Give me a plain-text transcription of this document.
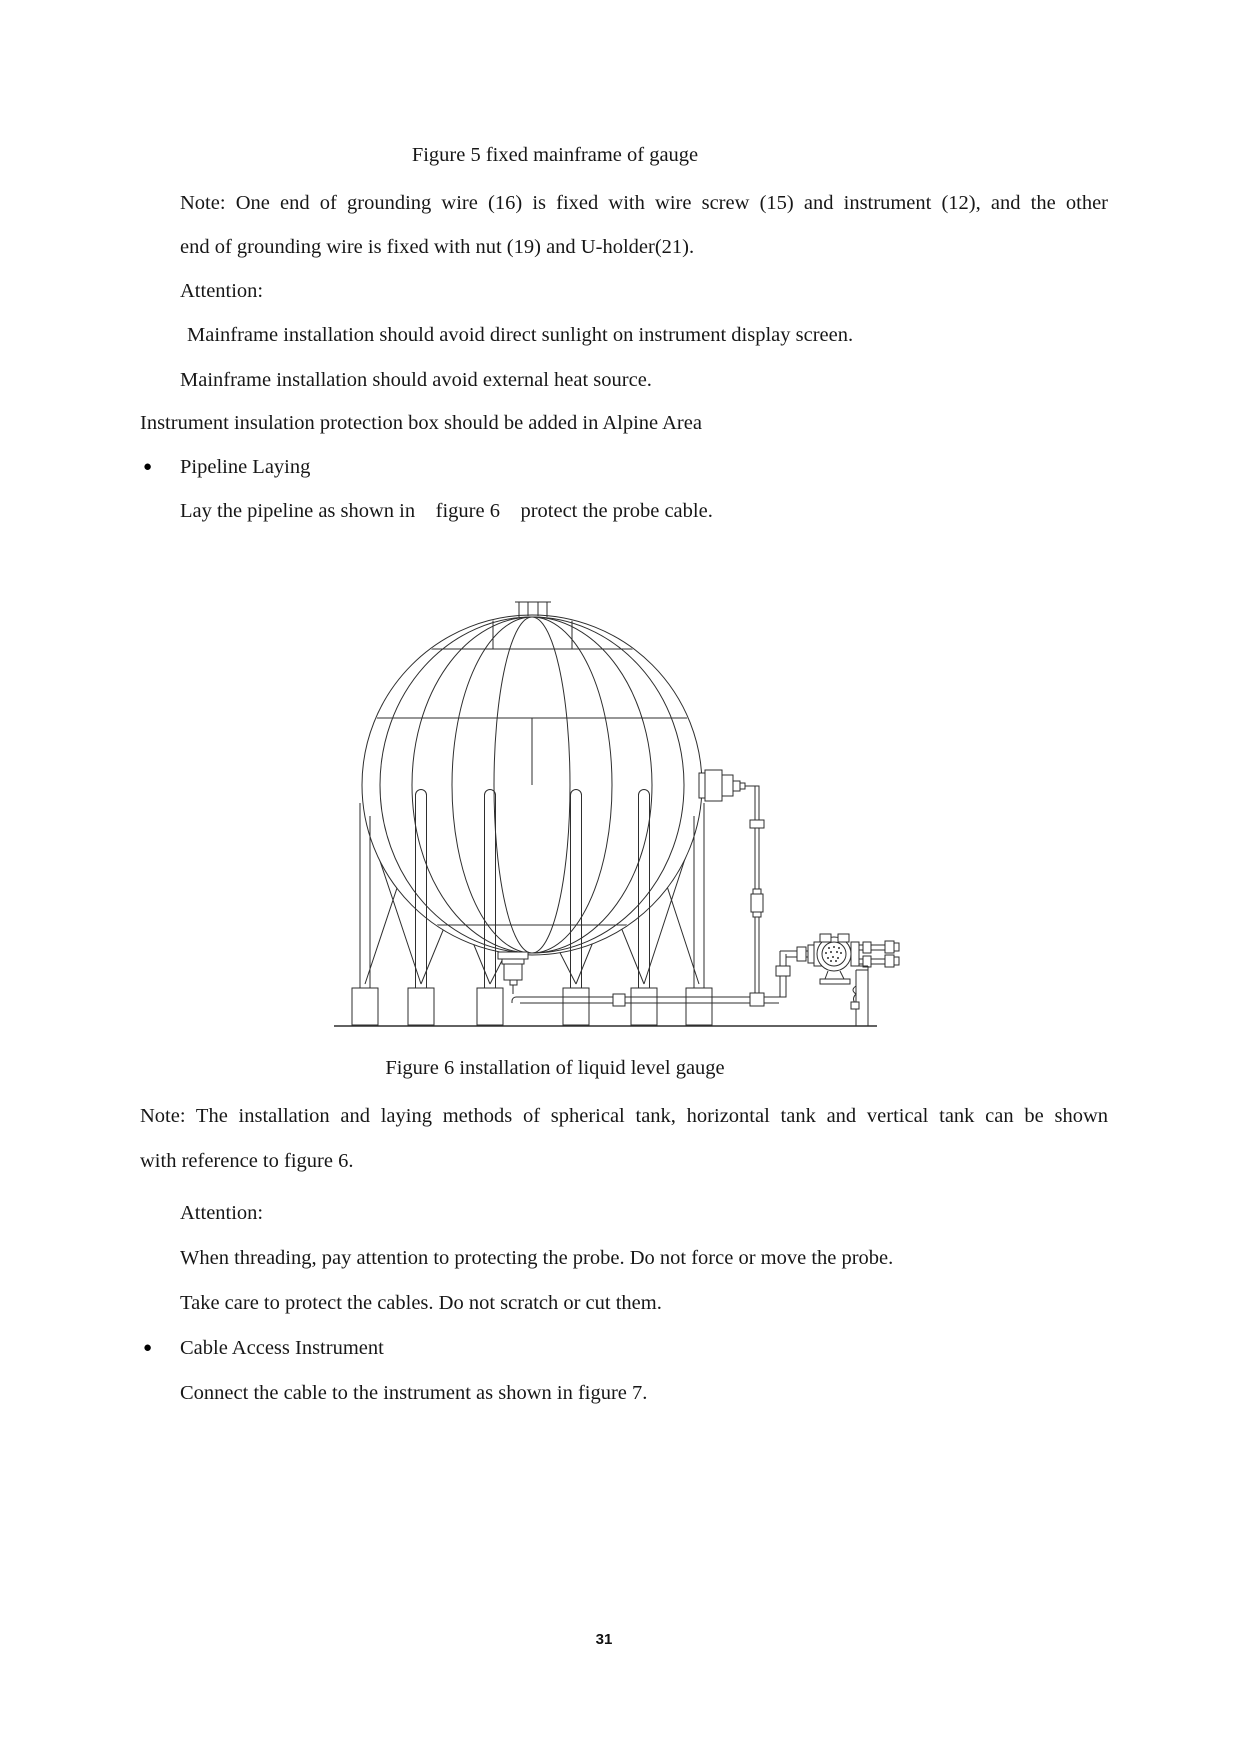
Figure 5 fixed mainframe of gauge
Note: One end of grounding wire (16) is fixed with wire screw (15) and instrument (12), and the other
end of grounding wire is fixed with nut (19) and U-holder(21).
Attention:
Mainframe installation should avoid direct sunlight on instrument display screen.
Mainframe installation should avoid external heat source.
Instrument insulation protection box should be added in Alpine Area
● Pipeline Laying
Lay the pipeline as shown in    figure 6    protect the probe cable.
Figure 6 installation of liquid level gauge
Note: The installation and laying methods of spherical tank, horizontal tank and vertical tank can be shown
with reference to figure 6.
Attention:
When threading, pay attention to protecting the probe. Do not force or move the probe.
Take care to protect the cables. Do not scratch or cut them.
● Cable Access Instrument
Connect the cable to the instrument as shown in figure 7.
31
